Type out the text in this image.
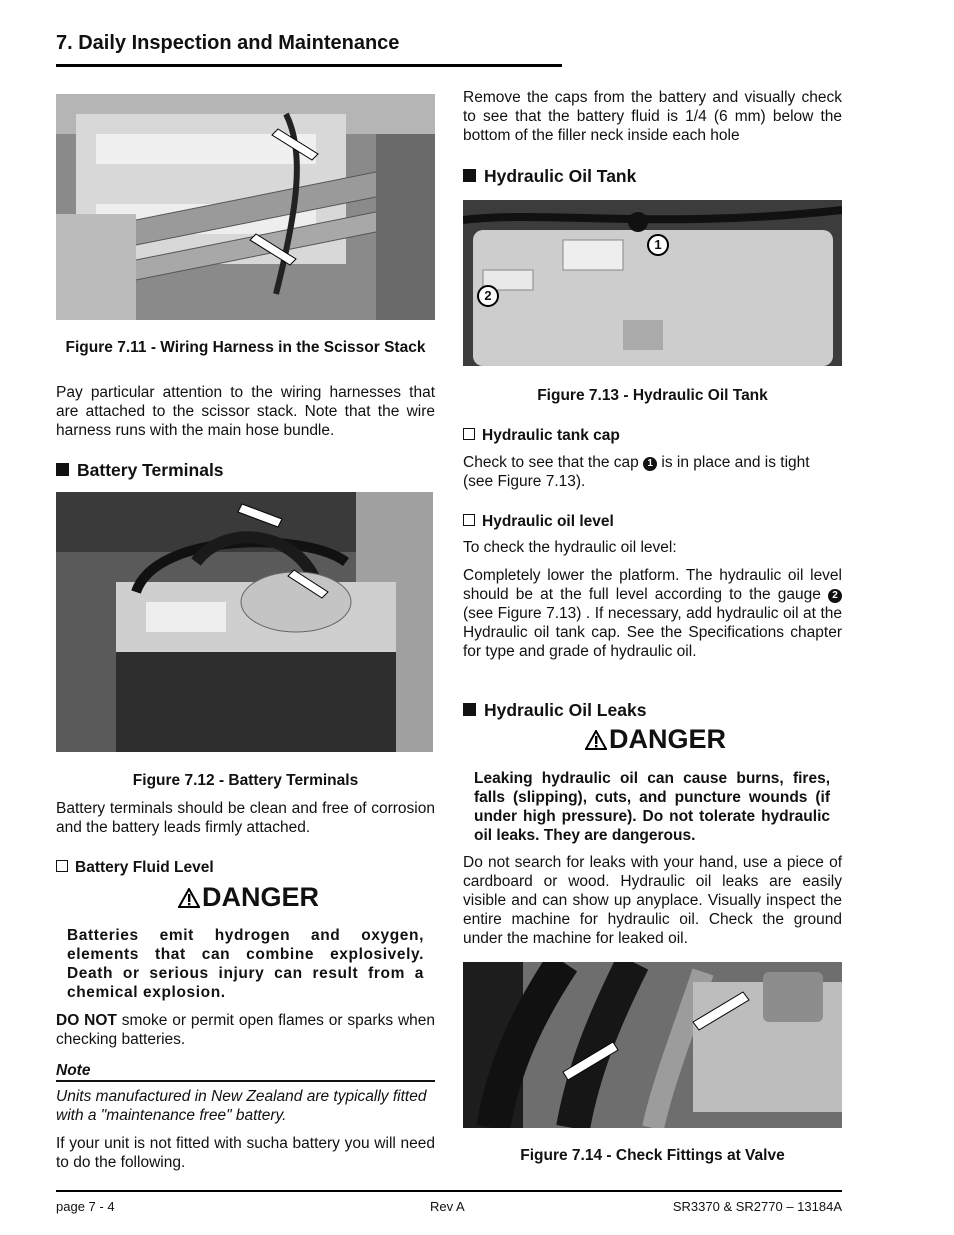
7. Daily Inspection and Maintenance
Figure 7.11 - Wiring Harness in the Scissor Stack
Pay particular attention to the wiring harnesses that are attached to the scissor stack. Note that the wire harness runs with the main hose bundle.
Battery Terminals
Figure 7.12 - Battery Terminals
Battery terminals should be clean and free of corrosion and the battery leads firmly attached.
Battery Fluid Level
DANGER
Batteries emit hydrogen and oxygen, elements that can combine explosively. Death or serious injury can result from a chemical explosion.
DO NOT smoke or permit open flames or sparks when checking batteries.
Note
Units manufactured in New Zealand are typically fitted with a "maintenance free" battery.
If your unit is not fitted with sucha battery you will need to do the following.
Remove the caps from the battery and visually check to see that the battery fluid is 1/4 (6 mm) below the bottom of the filler neck inside each hole
Hydraulic Oil Tank
1
2
Figure 7.13 - Hydraulic Oil Tank
Hydraulic tank cap
Check to see that the cap 1 is in place and is tight (see Figure 7.13).
Hydraulic oil level
To check the hydraulic oil level:
Completely lower the platform. The hydraulic oil level should be at the full level according to the gauge 2 (see Figure 7.13) . If necessary, add hydraulic oil at the Hydraulic oil tank cap. See the Specifications chapter for type and grade of hydraulic oil.
Hydraulic Oil Leaks
DANGER
Leaking hydraulic oil can cause burns, fires, falls (slipping), cuts, and puncture wounds (if under high pressure). Do not tolerate hydraulic oil leaks. They are dangerous.
Do not search for leaks with your hand, use a piece of cardboard or wood. Hydraulic oil leaks are easily visible and can show up anyplace. Visually inspect the entire machine for hydraulic oil. Check the ground under the machine for leaked oil.
Figure 7.14 - Check Fittings at Valve
page 7 - 4	Rev A	SR3370 & SR2770 – 13184A
